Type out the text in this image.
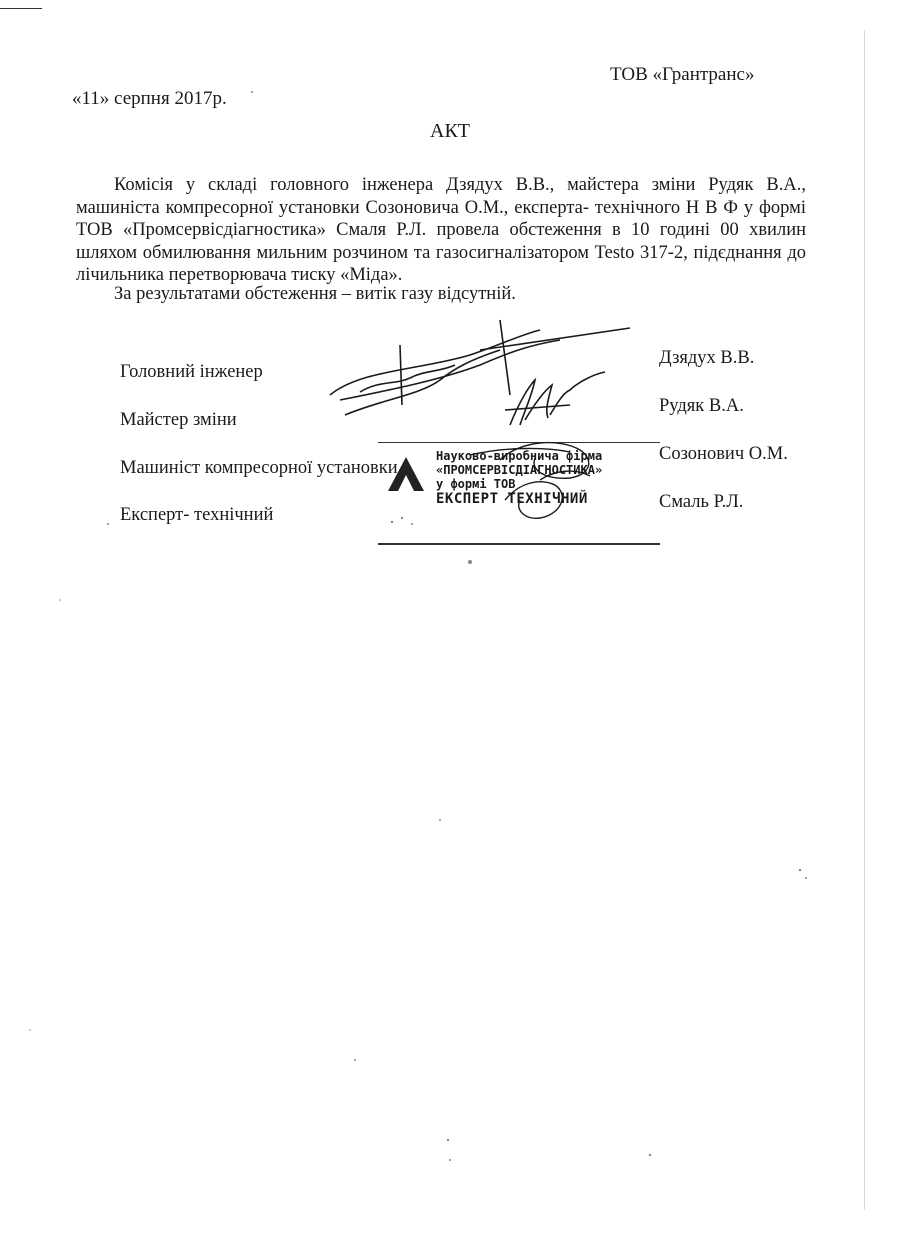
ТОВ «Грантранс»
«11» серпня 2017р.
АКТ
Комісія у складі головного інженера Дзядух В.В., майстера зміни Рудяк В.А., машиніста компресорної установки Созоновича О.М., експерта- технічного Н В Ф у формі ТОВ «Промсервісдіагностика» Смаля Р.Л. провела обстеження в 10 годині 00 хвилин шляхом обмилювання мильним розчином та газосигналізатором Testo 317-2, підєднання до лічильника перетворювача тиску «Міда».
За результатами обстеження – витік газу відсутній.
Головний інженер
Дзядух В.В.
Майстер зміни
Рудяк В.А.
Машиніст компресорної установки
Созонович О.М.
Експерт- технічний
Смаль Р.Л.
Науково-виробнича фірма
«ПРОМСЕРВІСДІАГНОСТИКА»
у формі ТОВ
ЕКСПЕРТ ТЕХНІЧНИЙ
